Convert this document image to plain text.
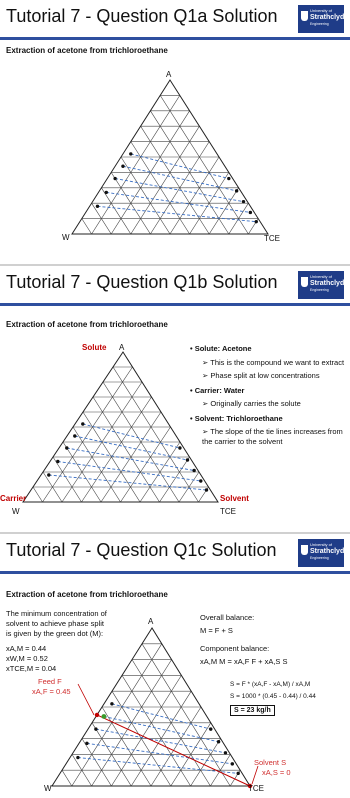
Tutorial 7 - Question Q1a Solution	University of
Strathclyde
Engineering
Extraction of acetone from trichloroethane
A
W	TCE
Tutorial 7 - Question Q1b Solution	University of
Strathclyde
Engineering
Extraction of acetone from trichloroethane
Solute A
Carrier
W
Solvent
TCE
• Solute: Acetone
➢ This is the compound we want to extract
➢ Phase split at low concentrations
• Carrier: Water
➢ Originally carries the solute
• Solvent: Trichloroethane
➢ The slope of the tie lines increases from the carrier to the solvent
Tutorial 7 - Question Q1c Solution	University of
Strathclyde
Engineering
Extraction of acetone from trichloroethane
The minimum concentration of
solvent to achieve phase split
is given by the green dot (M):
xA,M = 0.44
xW,M = 0.52
xTCE,M = 0.04
A
W	TCE
Feed F
xA,F = 0.45
Solvent S
xA,S = 0
Overall balance:
M = F + S
Component balance:
xA,M M = xA,F F + xA,S S
S = F * (xA,F - xA,M) / xA,M
S = 1000 * (0.45 - 0.44) / 0.44
S = 23 kg/h
